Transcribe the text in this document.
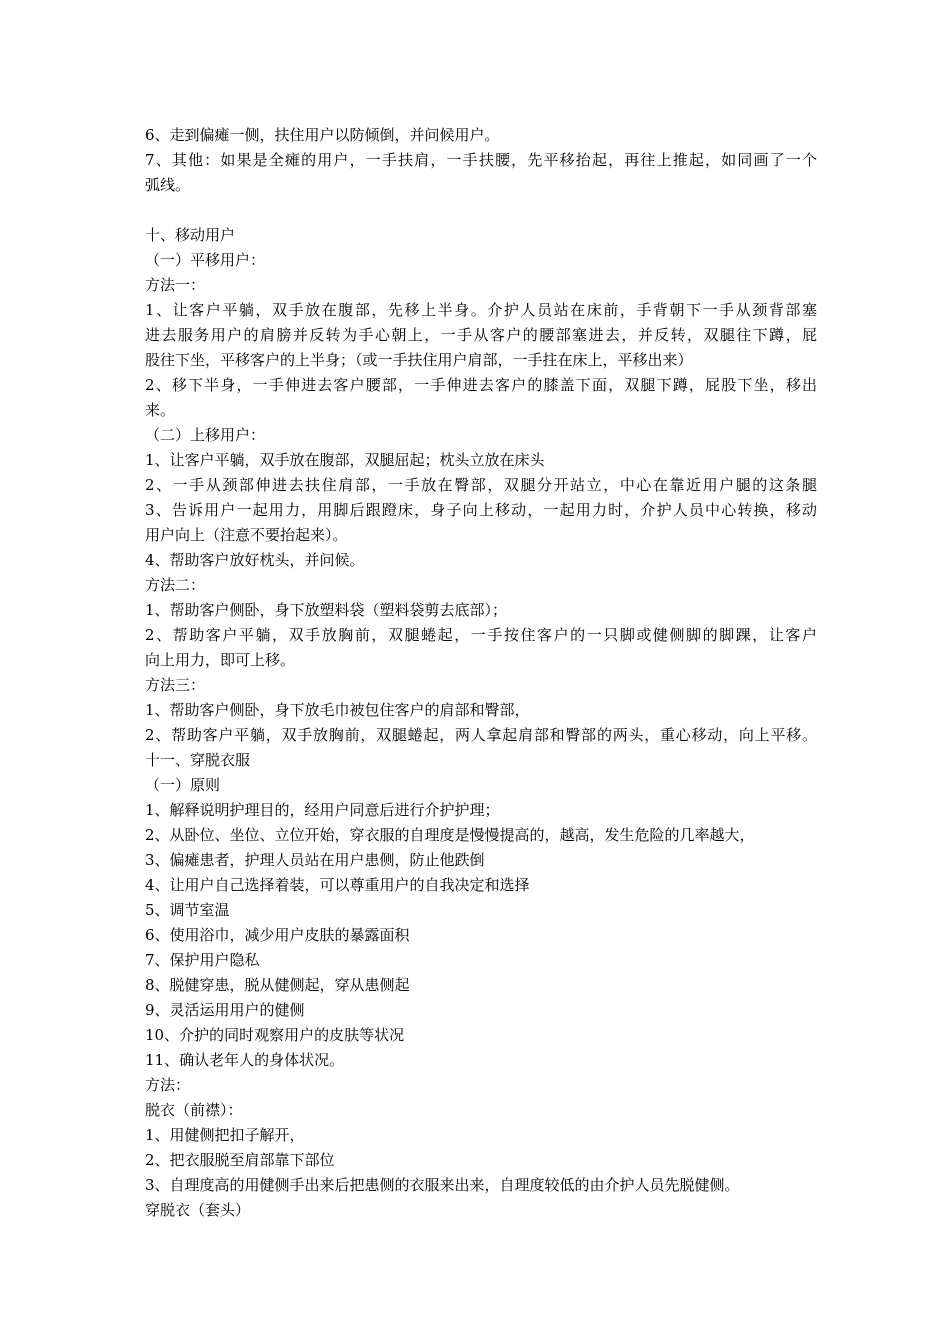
6、走到偏瘫一侧，扶住用户以防倾倒，并问候用户。
7、其他：如果是全瘫的用户，一手扶肩，一手扶腰，先平移抬起，再往上推起，如同画了一个
弧线。
十、移动用户
（一）平移用户：
方法一：
1、让客户平躺，双手放在腹部，先移上半身。介护人员站在床前，手背朝下一手从颈背部塞
进去服务用户的肩膀并反转为手心朝上，一手从客户的腰部塞进去，并反转，双腿往下蹲，屁
股往下坐，平移客户的上半身；（或一手扶住用户肩部，一手拄在床上，平移出来）
2、移下半身，一手伸进去客户腰部，一手伸进去客户的膝盖下面，双腿下蹲，屁股下坐，移出
来。
（二）上移用户：
1、让客户平躺，双手放在腹部，双腿屈起；枕头立放在床头
2、一手从颈部伸进去扶住肩部，一手放在臀部，双腿分开站立，中心在靠近用户腿的这条腿
3、告诉用户一起用力，用脚后跟蹬床，身子向上移动，一起用力时，介护人员中心转换，移动
用户向上（注意不要抬起来）。
4、帮助客户放好枕头，并问候。
方法二：
1、帮助客户侧卧，身下放塑料袋（塑料袋剪去底部）；
2、帮助客户平躺，双手放胸前，双腿蜷起，一手按住客户的一只脚或健侧脚的脚踝，让客户
向上用力，即可上移。
方法三：
1、帮助客户侧卧，身下放毛巾被包住客户的肩部和臀部，
2、帮助客户平躺，双手放胸前，双腿蜷起，两人拿起肩部和臀部的两头，重心移动，向上平移。
十一、穿脱衣服
（一）原则
1、解释说明护理目的，经用户同意后进行介护护理；
2、从卧位、坐位、立位开始，穿衣服的自理度是慢慢提高的，越高，发生危险的几率越大，
3、偏瘫患者，护理人员站在用户患侧，防止他跌倒
4、让用户自己选择着装，可以尊重用户的自我决定和选择
5、调节室温
6、使用浴巾，减少用户皮肤的暴露面积
7、保护用户隐私
8、脱健穿患，脱从健侧起，穿从患侧起
9、灵活运用用户的健侧
10、介护的同时观察用户的皮肤等状况
11、确认老年人的身体状况。
方法：
脱衣（前襟）：
1、用健侧把扣子解开，
2、把衣服脱至肩部靠下部位
3、自理度高的用健侧手出来后把患侧的衣服来出来，自理度较低的由介护人员先脱健侧。
穿脱衣（套头）
